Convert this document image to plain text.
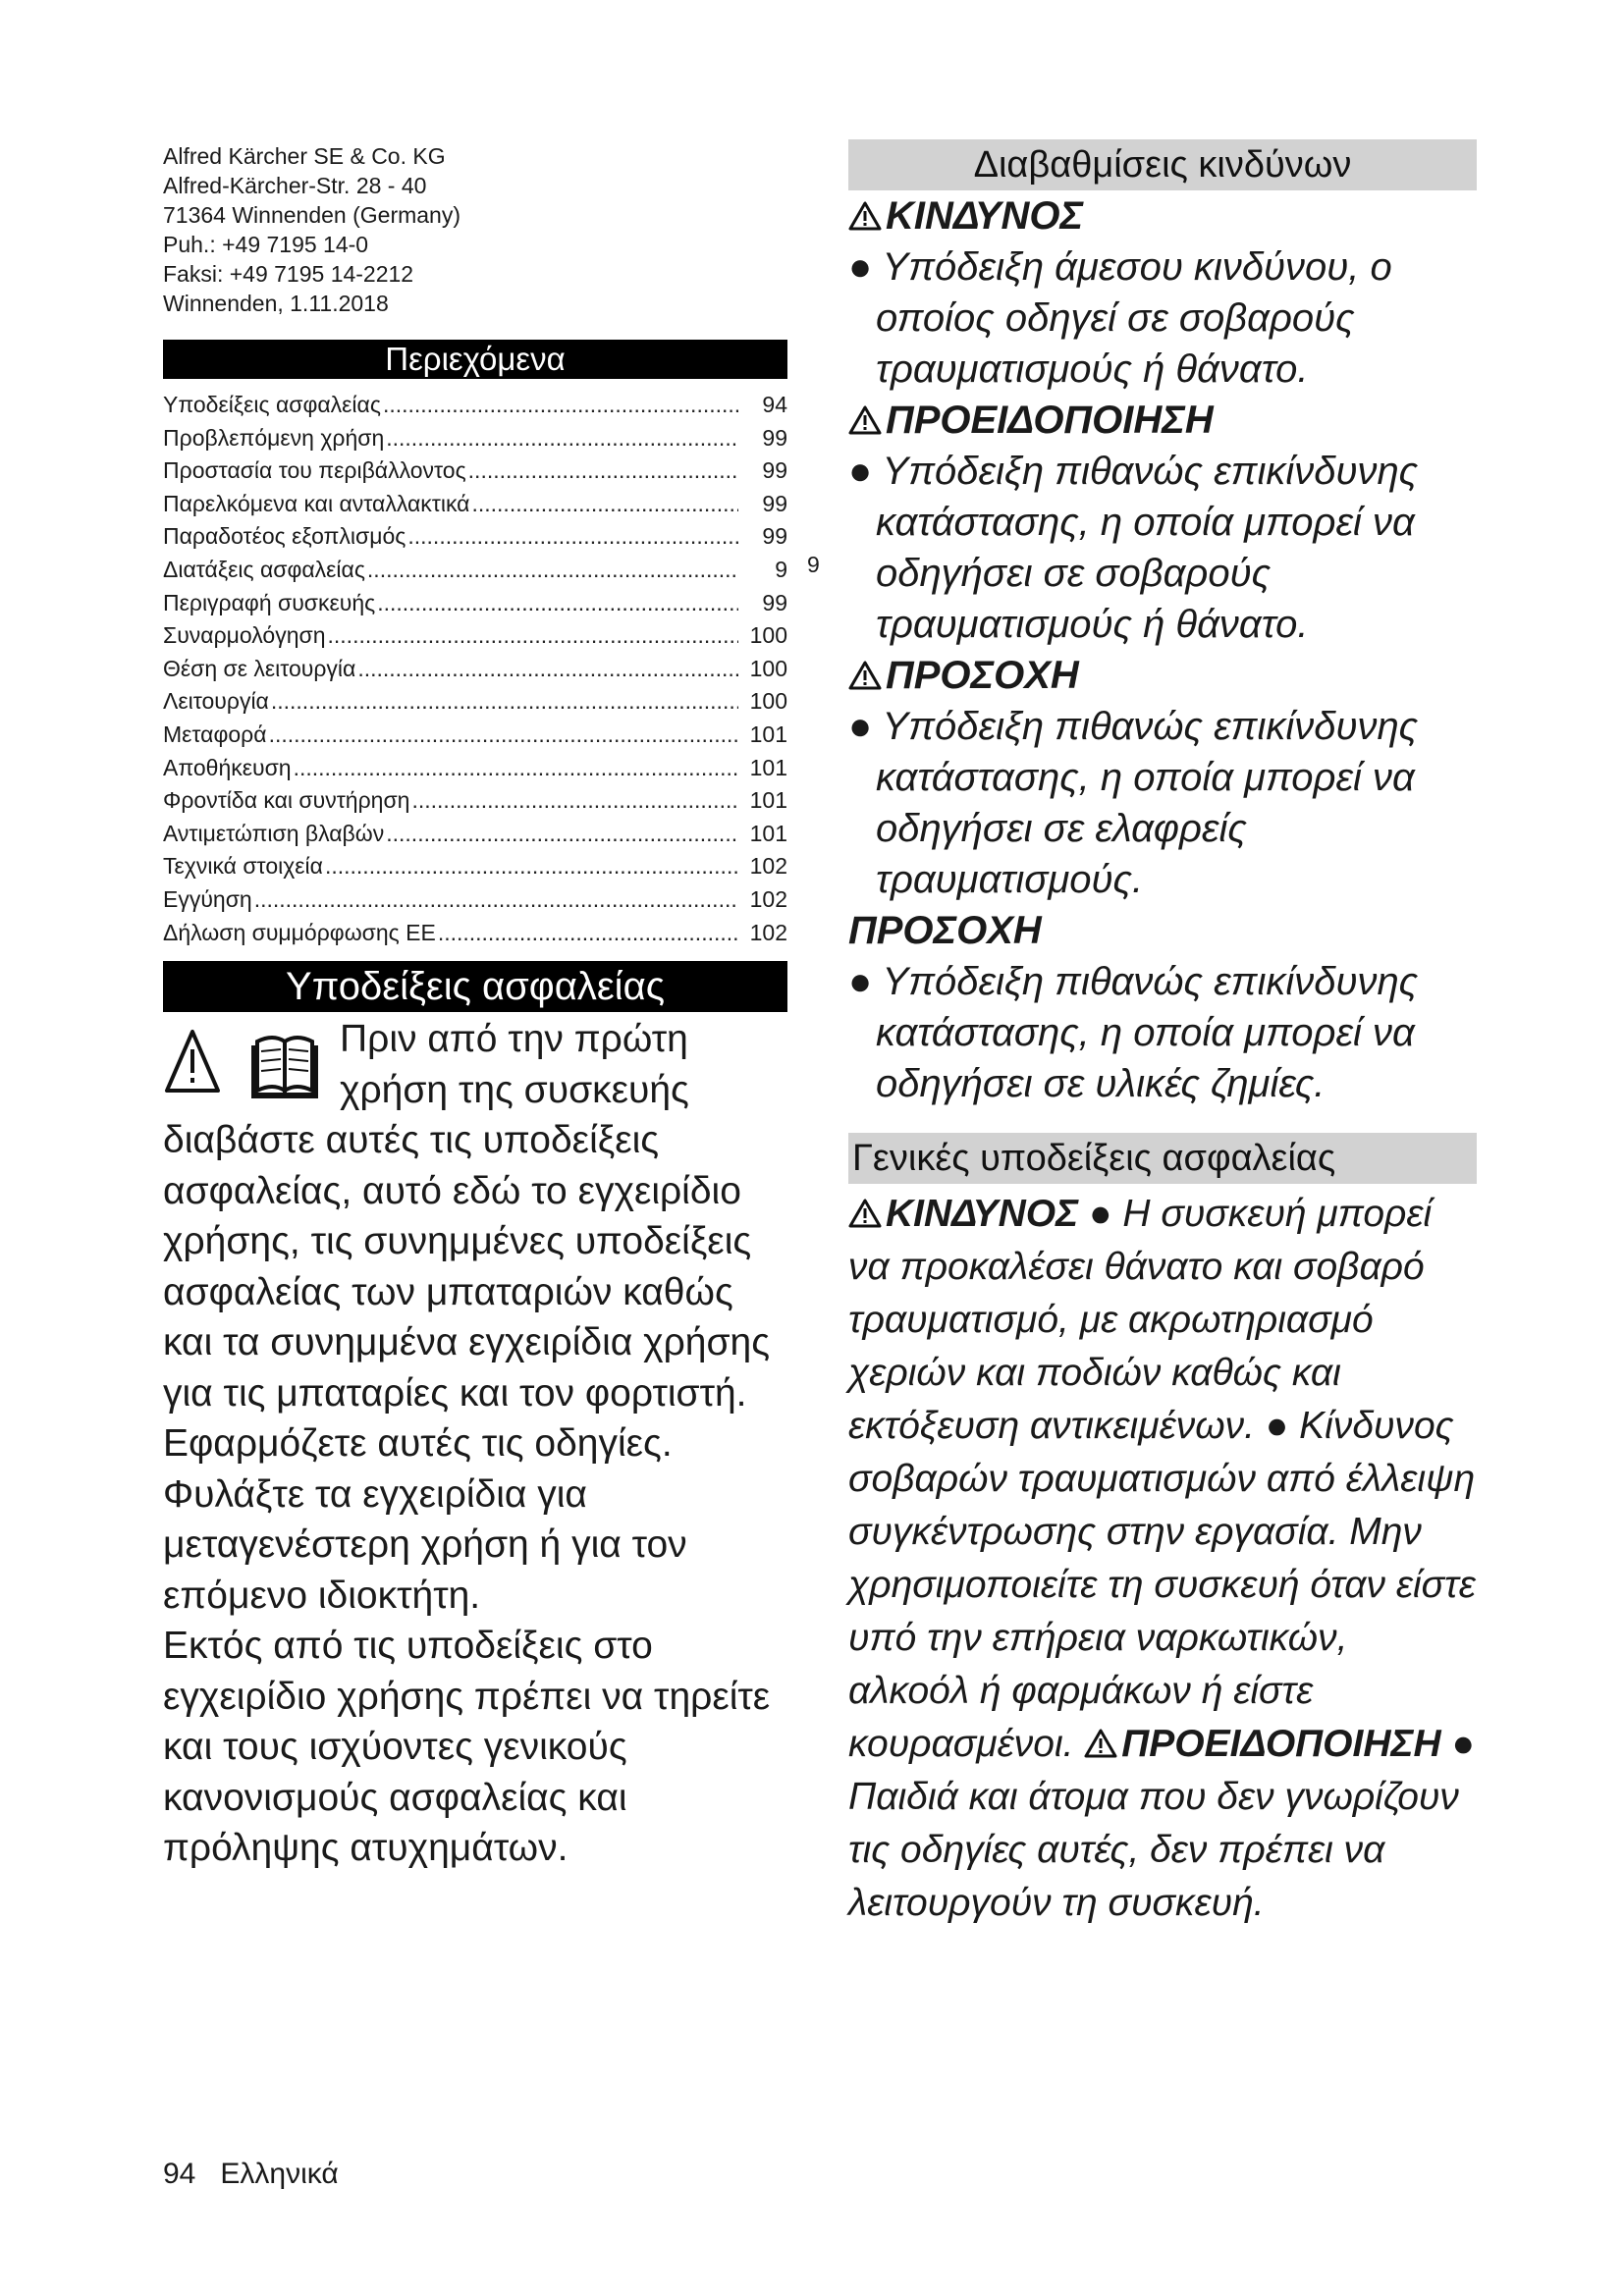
Alfred Kärcher SE & Co. KG
Alfred-Kärcher-Str. 28 - 40
71364 Winnenden (Germany)
Puh.: +49 7195 14-0
Faksi: +49 7195 14-2212
Winnenden, 1.11.2018
Περιεχόμενα
Υποδείξεις ασφαλείας .....	94
Προβλεπόμενη χρήση .....	99
Προστασία του περιβάλλοντος .....	99
Παρελκόμενα και ανταλλακτικά .....	99
Παραδοτέος εξοπλισμός .....	99
Διατάξεις ασφαλείας .....	9
Περιγραφή συσκευής .....	99
Συναρμολόγηση .....	100
Θέση σε λειτουργία .....	100
Λειτουργία .....	100
Μεταφορά .....	101
Αποθήκευση .....	101
Φροντίδα και συντήρηση .....	101
Αντιμετώπιση βλαβών .....	101
Τεχνικά στοιχεία .....	102
Εγγύηση .....	102
Δήλωση συμμόρφωσης ΕΕ .....	102
Υποδείξεις ασφαλείας
Πριν από την πρώτη
χρήση της συσκευής

διαβάστε αυτές τις υποδείξεις ασφαλείας, αυτό εδώ το εγχειρίδιο χρήσης, τις συνημμένες υποδείξεις ασφαλείας των μπαταριών καθώς και τα συνημμένα εγχειρίδια χρήσης για τις μπαταρίες και τον φορτιστή. Εφαρμόζετε αυτές τις οδηγίες. Φυλάξτε τα εγχειρίδια για μεταγενέστερη χρήση ή για τον επόμενο ιδιοκτήτη.

Εκτός από τις υποδείξεις στο εγχειρίδιο χρήσης πρέπει να τηρείτε και τους ισχύοντες γενικούς κανονισμούς ασφαλείας και πρόληψης ατυχημάτων.

9
Διαβαθμίσεις κινδύνων
ΚΙΝΔΥΝΟΣ

● Υπόδειξη άμεσου κινδύνου, ο οποίος οδηγεί σε σοβαρούς τραυματισμούς ή θάνατο.

ΠΡΟΕΙΔΟΠΟΙΗΣΗ

● Υπόδειξη πιθανώς επικίνδυνης κατάστασης, η οποία μπορεί να οδηγήσει σε σοβαρούς τραυματισμούς ή θάνατο.

ΠΡΟΣΟΧΗ

● Υπόδειξη πιθανώς επικίνδυνης κατάστασης, η οποία μπορεί να οδηγήσει σε ελαφρείς τραυματισμούς.

ΠΡΟΣΟΧΗ

● Υπόδειξη πιθανώς επικίνδυνης κατάστασης, η οποία μπορεί να οδηγήσει σε υλικές ζημίες.

Γενικές υποδείξεις ασφαλείας
ΚΙΝΔΥΝΟΣ ● Η συσκευή μπορεί να προκαλέσει θάνατο και σοβαρό τραυματισμό, με ακρωτηριασμό χεριών και ποδιών καθώς και εκτόξευση αντικειμένων. ● Κίνδυνος σοβαρών τραυματισμών από έλλειψη συγκέντρωσης στην εργασία. Μην χρησιμοποιείτε τη συσκευή όταν είστε υπό την επήρεια ναρκωτικών, αλκοόλ ή φαρμάκων ή είστε κουρασμένοι. ΠΡΟΕΙΔΟΠΟΙΗΣΗ ● Παιδιά και άτομα που δεν γνωρίζουν τις οδηγίες αυτές, δεν πρέπει να λειτουργούν τη συσκευή.
94 Ελληνικά
